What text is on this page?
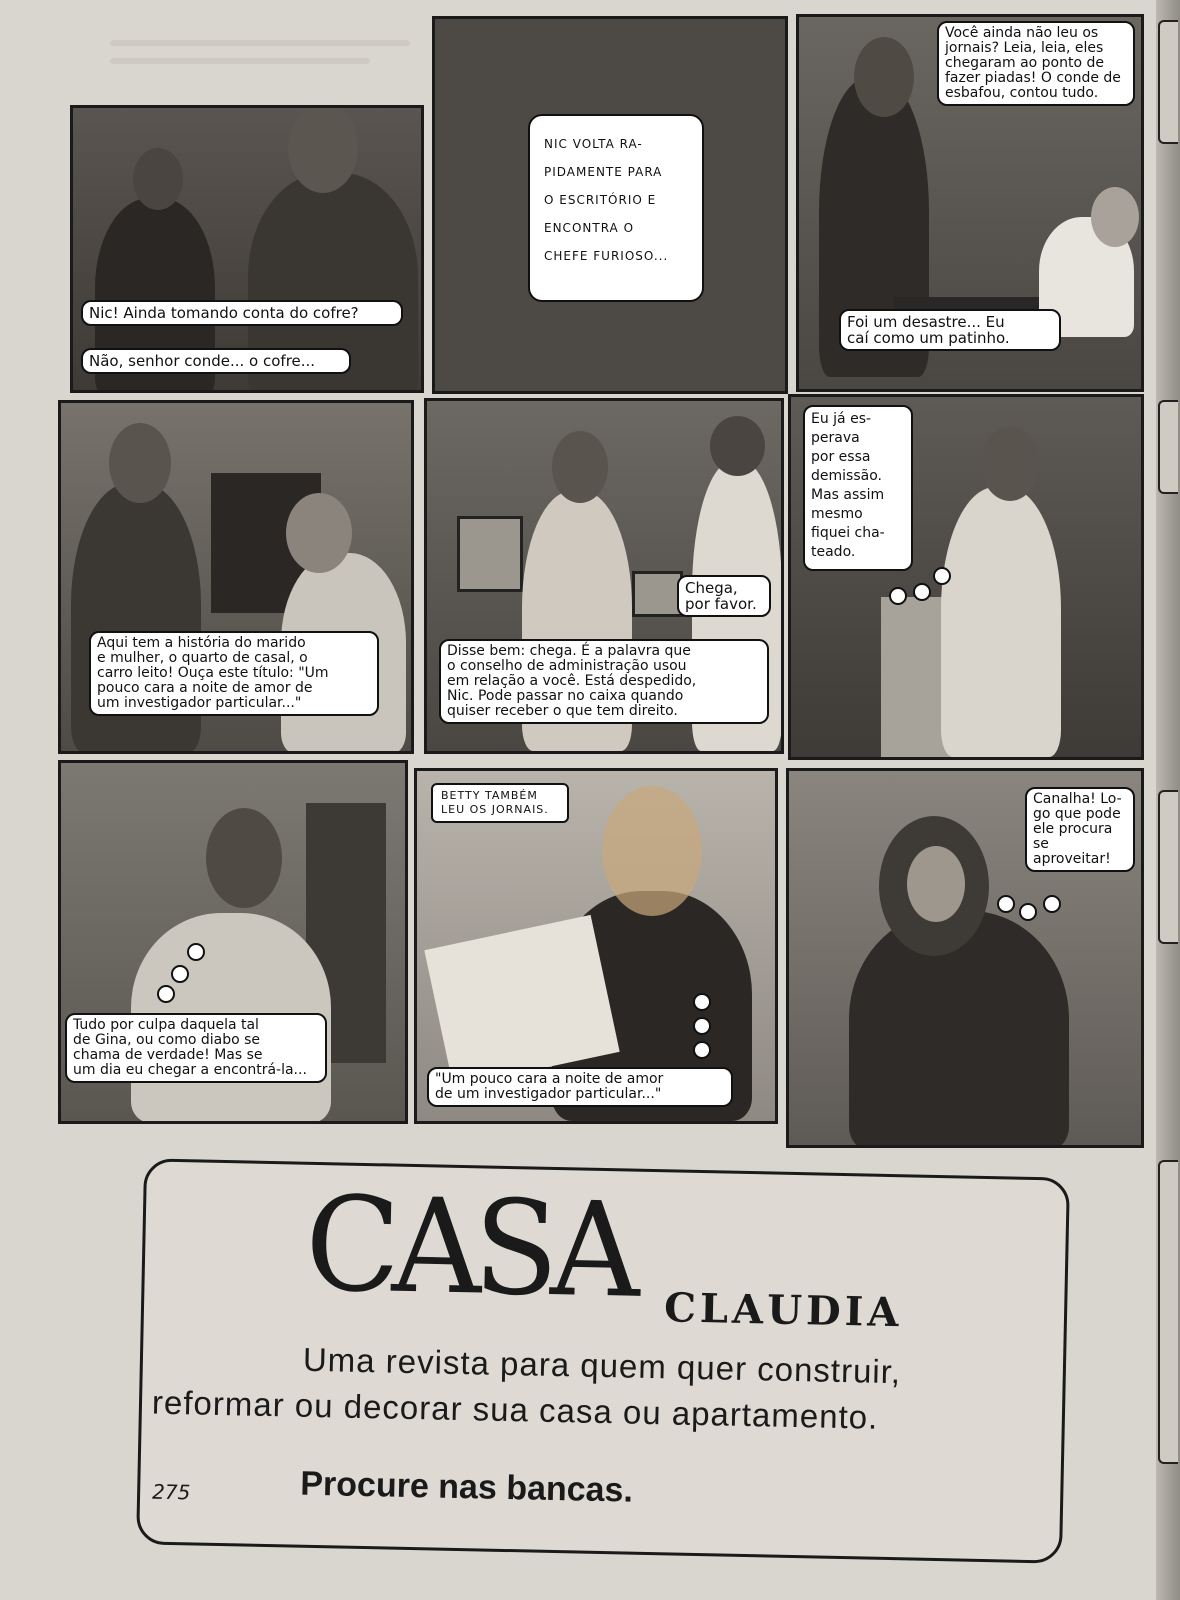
Nic! Ainda tomando conta do cofre?
Não, senhor conde... o cofre...
NIC VOLTA RA-
PIDAMENTE PARA
O ESCRITÓRIO E
ENCONTRA O
CHEFE FURIOSO...
Você ainda não leu os
jornais? Leia, leia, eles
chegaram ao ponto de
fazer piadas! O conde de
esbafou, contou tudo.
Foi um desastre... Eu
caí como um patinho.
Aqui tem a história do marido
e mulher, o quarto de casal, o
carro leito! Ouça este título: "Um
pouco cara a noite de amor de
um investigador particular..."
Chega,
por favor.
Disse bem: chega. É a palavra que
o conselho de administração usou
em relação a você. Está despedido,
Nic. Pode passar no caixa quando
quiser receber o que tem direito.
Eu já es-
perava
por essa
demissão.
Mas assim
mesmo
fiquei cha-
teado.
Tudo por culpa daquela tal
de Gina, ou como diabo se
chama de verdade! Mas se
um dia eu chegar a encontrá-la...
BETTY TAMBÉM
LEU OS JORNAIS.
"Um pouco cara a noite de amor
de um investigador particular..."
Canalha! Lo-
go que pode
ele procura se
aproveitar!
CASA CLAUDIA
Uma revista para quem quer construir,
reformar ou decorar sua casa ou apartamento.
Procure nas bancas.
275
